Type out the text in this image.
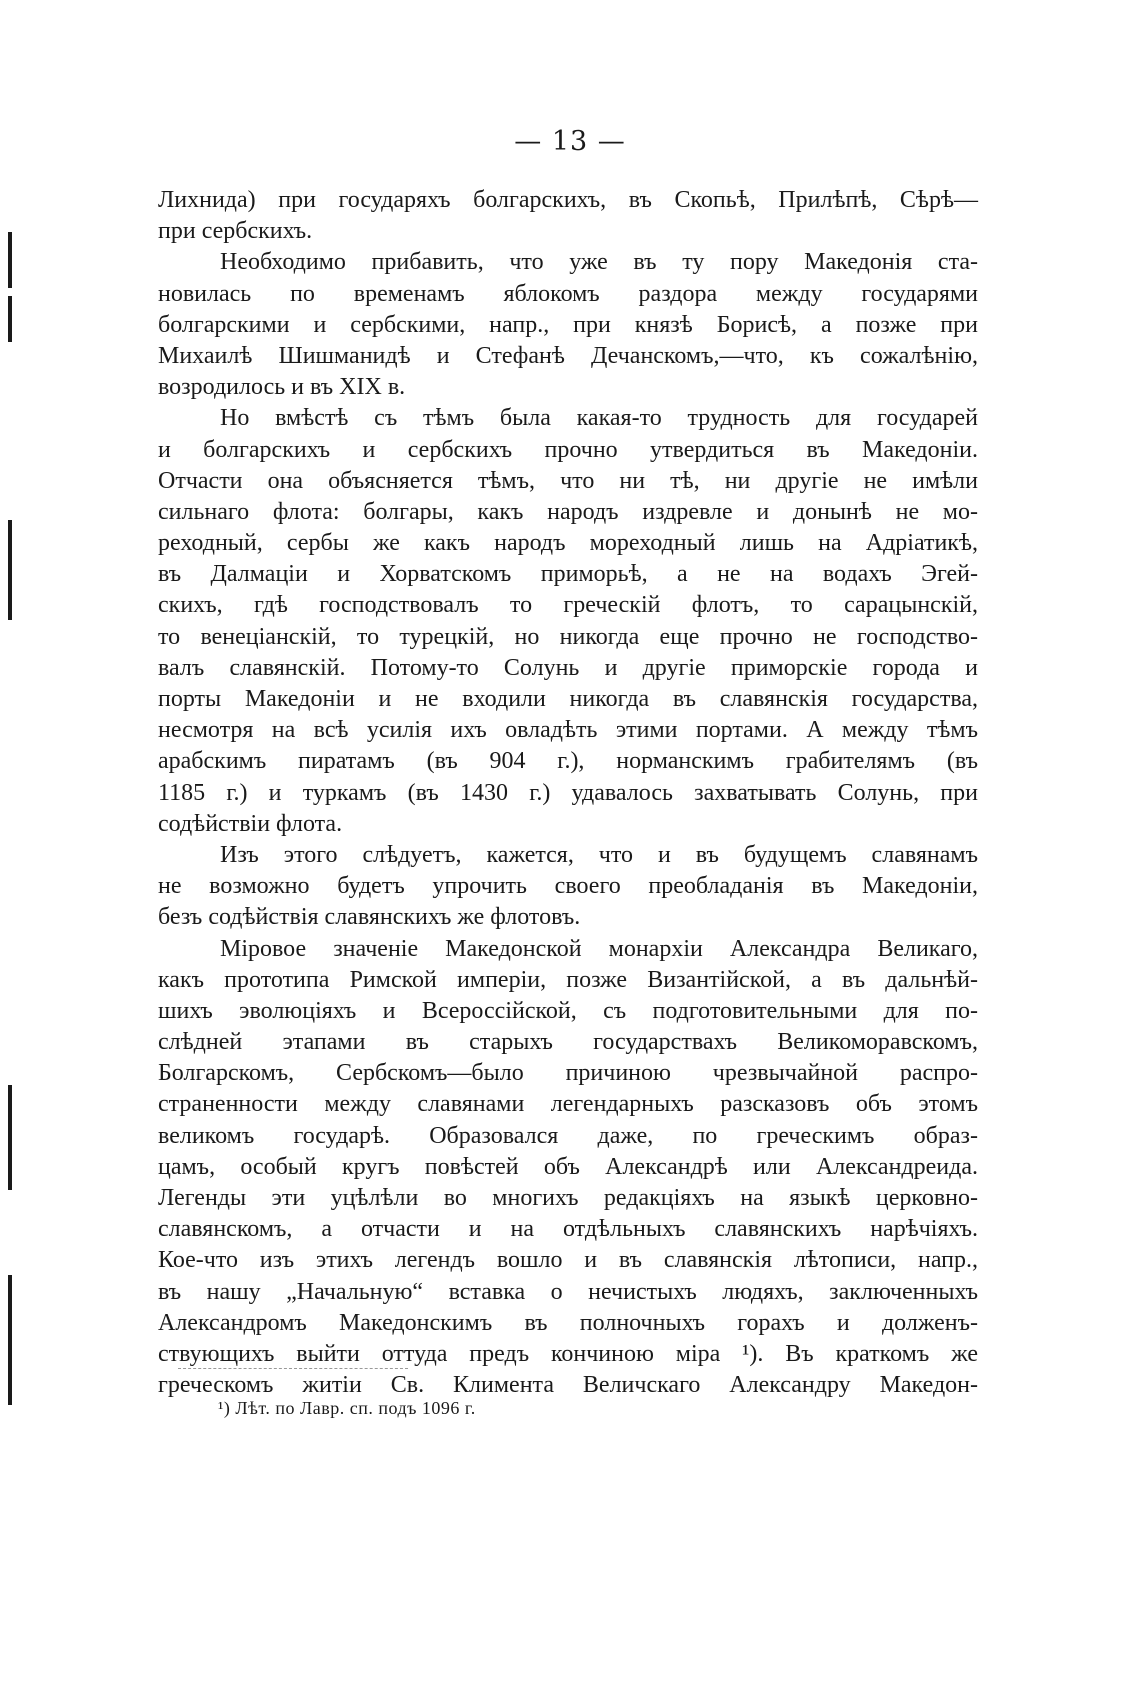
— 13 —
Лихнида) при государяхъ болгарскихъ, въ Скопьѣ, Прилѣпѣ, Сѣрѣ—
при сербскихъ.
Необходимо прибавить, что уже въ ту пору Македонія ста-
новилась по временамъ яблокомъ раздора между государями
болгарскими и сербскими, напр., при князѣ Борисѣ, а позже при
Михаилѣ Шишманидѣ и Стефанѣ Дечанскомъ,—что, къ сожалѣнію,
возродилось и въ XIX в.
Но вмѣстѣ съ тѣмъ была какая-то трудность для государей
и болгарскихъ и сербскихъ прочно утвердиться въ Македоніи.
Отчасти она объясняется тѣмъ, что ни тѣ, ни другіе не имѣли
сильнаго флота: болгары, какъ народъ издревле и донынѣ не мо-
реходный, сербы же какъ народъ мореходный лишь на Адріатикѣ,
въ Далмаціи и Хорватскомъ приморьѣ, а не на водахъ Эгей-
скихъ, гдѣ господствовалъ то греческій флотъ, то сарацынскій,
то венеціанскій, то турецкій, но никогда еще прочно не господство-
валъ славянскій. Потому-то Солунь и другіе приморскіе города и
порты Македоніи и не входили никогда въ славянскія государства,
несмотря на всѣ усилія ихъ овладѣть этими портами. А между тѣмъ
арабскимъ пиратамъ (въ 904 г.), норманскимъ грабителямъ (въ
1185 г.) и туркамъ (въ 1430 г.) удавалось захватывать Солунь, при
содѣйствіи флота.
Изъ этого слѣдуетъ, кажется, что и въ будущемъ славянамъ
не возможно будетъ упрочить своего преобладанія въ Македоніи,
безъ содѣйствія славянскихъ же флотовъ.
Міровое значеніе Македонской монархіи Александра Великаго,
какъ прототипа Римской имперіи, позже Византійской, а въ дальнѣй-
шихъ эволюціяхъ и Всероссійской, съ подготовительными для по-
слѣдней этапами въ старыхъ государствахъ Великоморавскомъ,
Болгарскомъ, Сербскомъ—было причиною чрезвычайной распро-
страненности между славянами легендарныхъ разсказовъ объ этомъ
великомъ государѣ. Образовался даже, по греческимъ образ-
цамъ, особый кругъ повѣстей объ Александрѣ или Александреида.
Легенды эти уцѣлѣли во многихъ редакціяхъ на языкѣ церковно-
славянскомъ, а отчасти и на отдѣльныхъ славянскихъ нарѣчіяхъ.
Кое-что изъ этихъ легендъ вошло и въ славянскія лѣтописи, напр.,
въ нашу „Начальную“ вставка о нечистыхъ людяхъ, заключенныхъ
Александромъ Македонскимъ въ полночныхъ горахъ и долженъ-
ствующихъ выйти оттуда предъ кончиною міра ¹). Въ краткомъ же
греческомъ житіи Св. Климента Величскаго Александру Македон-
¹) Лѣт. по Лавр. сп. подъ 1096 г.
